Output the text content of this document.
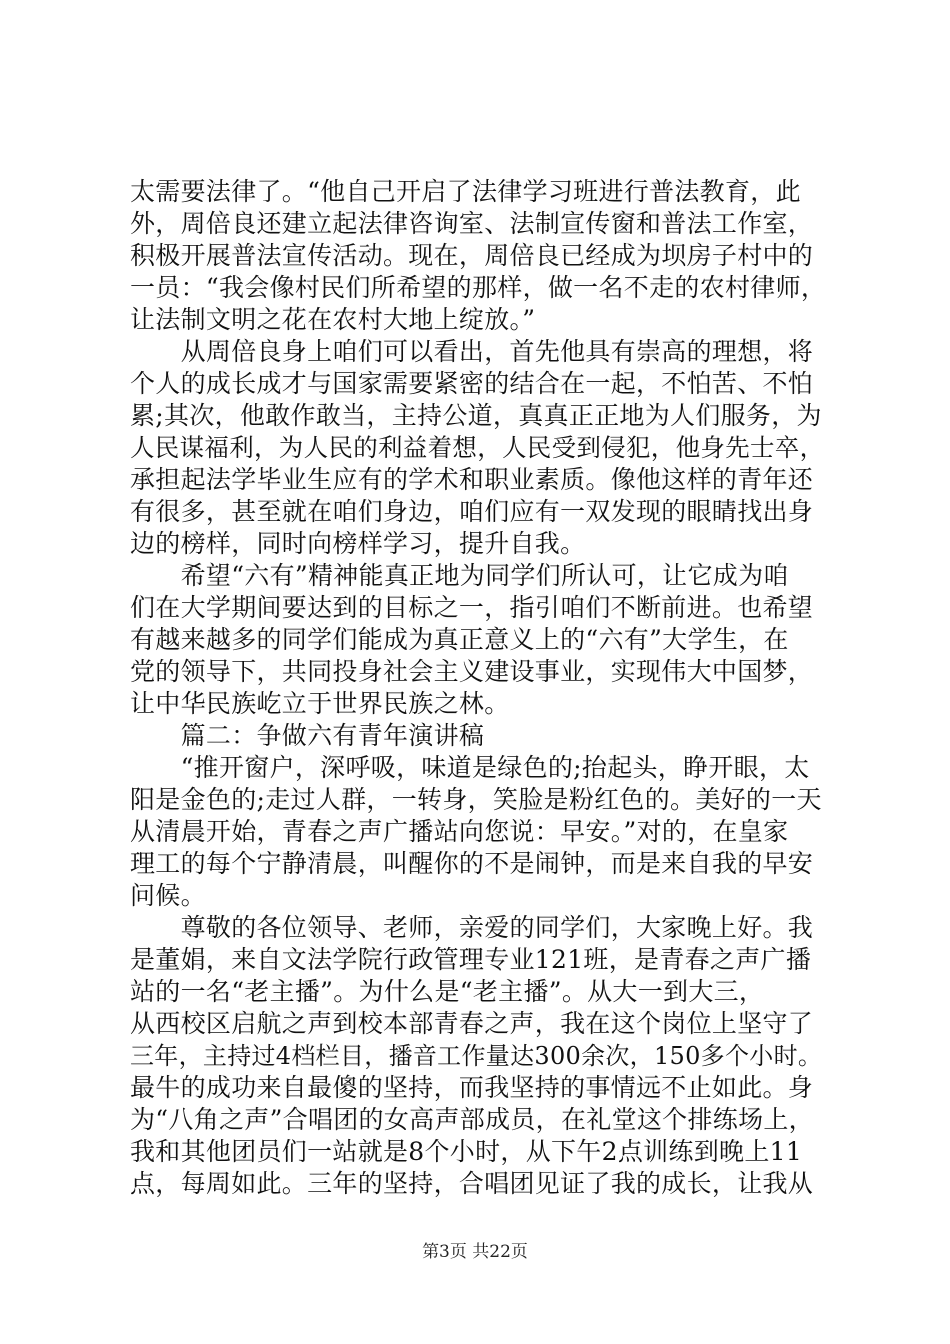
太需要法律了。“他自己开启了法律学习班进行普法教育，此
外，周倍良还建立起法律咨询室、法制宣传窗和普法工作室，
积极开展普法宣传活动。现在，周倍良已经成为坝房子村中的
一员：“我会像村民们所希望的那样，做一名不走的农村律师，
让法制文明之花在农村大地上绽放。”
　　从周倍良身上咱们可以看出，首先他具有崇高的理想，将
个人的成长成才与国家需要紧密的结合在一起，不怕苦、不怕
累;其次，他敢作敢当，主持公道，真真正正地为人们服务，为
人民谋福利，为人民的利益着想，人民受到侵犯，他身先士卒，
承担起法学毕业生应有的学术和职业素质。像他这样的青年还
有很多，甚至就在咱们身边，咱们应有一双发现的眼睛找出身
边的榜样，同时向榜样学习，提升自我。
　　希望“六有”精神能真正地为同学们所认可，让它成为咱
们在大学期间要达到的目标之一，指引咱们不断前进。也希望
有越来越多的同学们能成为真正意义上的“六有”大学生，在
党的领导下，共同投身社会主义建设事业，实现伟大中国梦，
让中华民族屹立于世界民族之林。
　　篇二：争做六有青年演讲稿
　　“推开窗户，深呼吸，味道是绿色的;抬起头，睁开眼，太
阳是金色的;走过人群，一转身，笑脸是粉红色的。美好的一天
从清晨开始，青春之声广播站向您说：早安。”对的，在皇家
理工的每个宁静清晨，叫醒你的不是闹钟，而是来自我的早安
问候。
　　尊敬的各位领导、老师，亲爱的同学们，大家晚上好。我
是董娟，来自文法学院行政管理专业121班，是青春之声广播
站的一名“老主播”。为什么是“老主播”。从大一到大三，
从西校区启航之声到校本部青春之声，我在这个岗位上坚守了
三年，主持过4档栏目，播音工作量达300余次，150多个小时。
最牛的成功来自最傻的坚持，而我坚持的事情远不止如此。身
为“八角之声”合唱团的女高声部成员，在礼堂这个排练场上，
我和其他团员们一站就是8个小时，从下午2点训练到晚上11
点，每周如此。三年的坚持，合唱团见证了我的成长，让我从
第3页 共22页
